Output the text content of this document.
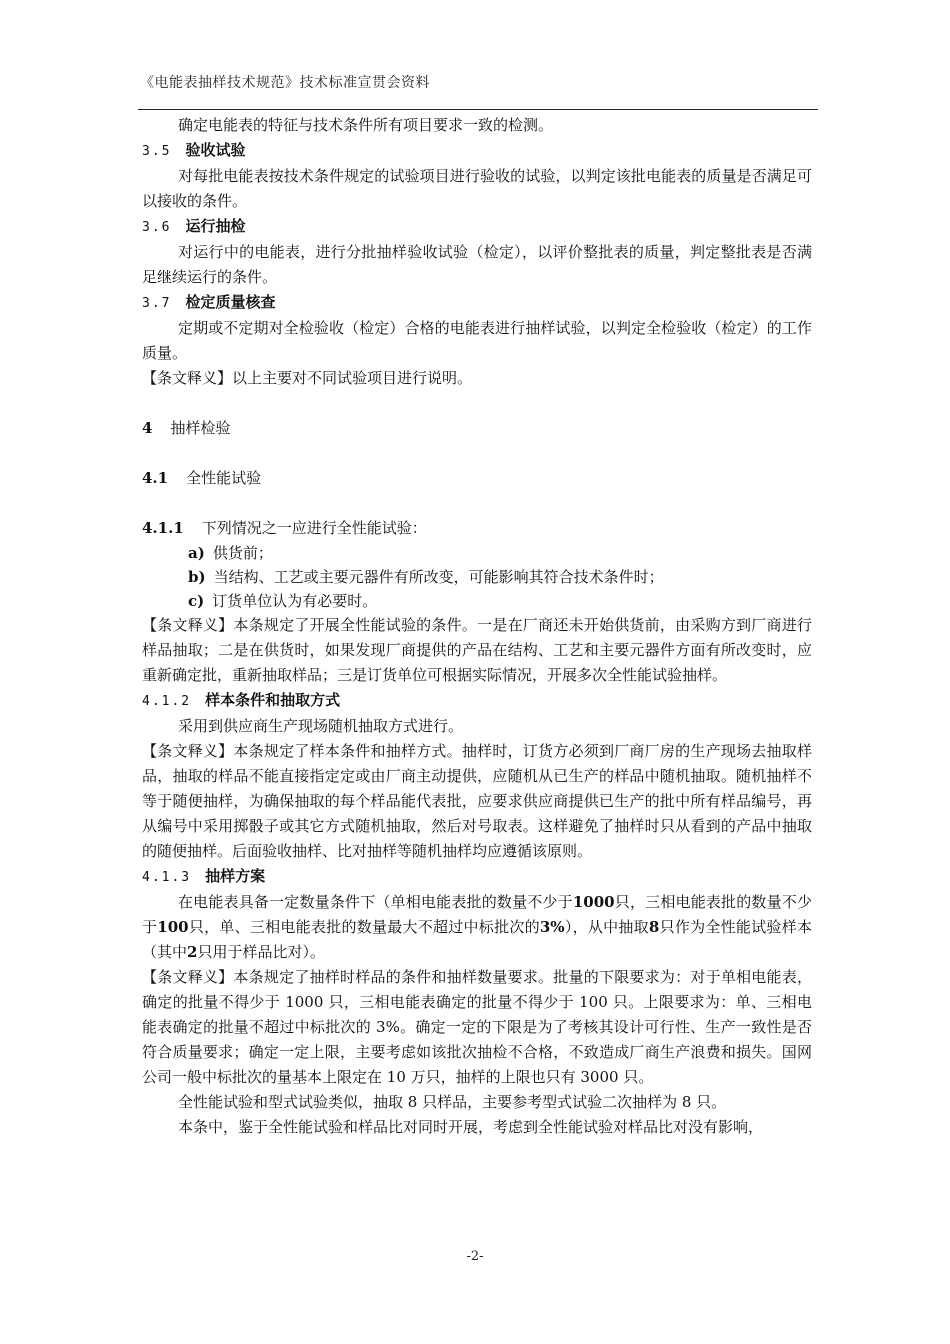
《电能表抽样技术规范》技术标准宣贯会资料

确定电能表的特征与技术条件所有项目要求一致的检测。

3.5 验收试验

对每批电能表按技术条件规定的试验项目进行验收的试验，以判定该批电能表的质量是否满足可以接收的条件。

3.6 运行抽检

对运行中的电能表，进行分批抽样验收试验（检定），以评价整批表的质量，判定整批表是否满足继续运行的条件。

3.7 检定质量核查

定期或不定期对全检验收（检定）合格的电能表进行抽样试验，以判定全检验收（检定）的工作质量。

【条文释义】以上主要对不同试验项目进行说明。

4 抽样检验

4.1 全性能试验

4.1.1 下列情况之一应进行全性能试验：

a) 供货前；

b) 当结构、工艺或主要元器件有所改变，可能影响其符合技术条件时；

c) 订货单位认为有必要时。

【条文释义】本条规定了开展全性能试验的条件。一是在厂商还未开始供货前，由采购方到厂商进行样品抽取；二是在供货时，如果发现厂商提供的产品在结构、工艺和主要元器件方面有所改变时，应重新确定批，重新抽取样品；三是订货单位可根据实际情况，开展多次全性能试验抽样。

4.1.2 样本条件和抽取方式

采用到供应商生产现场随机抽取方式进行。

【条文释义】本条规定了样本条件和抽样方式。抽样时，订货方必须到厂商厂房的生产现场去抽取样品，抽取的样品不能直接指定定或由厂商主动提供，应随机从已生产的样品中随机抽取。随机抽样不等于随便抽样，为确保抽取的每个样品能代表批，应要求供应商提供已生产的批中所有样品编号，再从编号中采用掷骰子或其它方式随机抽取，然后对号取表。这样避免了抽样时只从看到的产品中抽取的随便抽样。后面验收抽样、比对抽样等随机抽样均应遵循该原则。

4.1.3 抽样方案

在电能表具备一定数量条件下（单相电能表批的数量不少于1000只，三相电能表批的数量不少于100只，单、三相电能表批的数量最大不超过中标批次的3%），从中抽取8只作为全性能试验样本（其中2只用于样品比对）。

【条文释义】本条规定了抽样时样品的条件和抽样数量要求。批量的下限要求为：对于单相电能表，确定的批量不得少于 1000 只，三相电能表确定的批量不得少于 100 只。上限要求为：单、三相电能表确定的批量不超过中标批次的 3%。确定一定的下限是为了考核其设计可行性、生产一致性是否符合质量要求；确定一定上限，主要考虑如该批次抽检不合格，不致造成厂商生产浪费和损失。国网公司一般中标批次的量基本上限定在 10 万只，抽样的上限也只有 3000 只。

全性能试验和型式试验类似，抽取 8 只样品，主要参考型式试验二次抽样为 8 只。

本条中，鉴于全性能试验和样品比对同时开展，考虑到全性能试验对样品比对没有影响，

-2-
